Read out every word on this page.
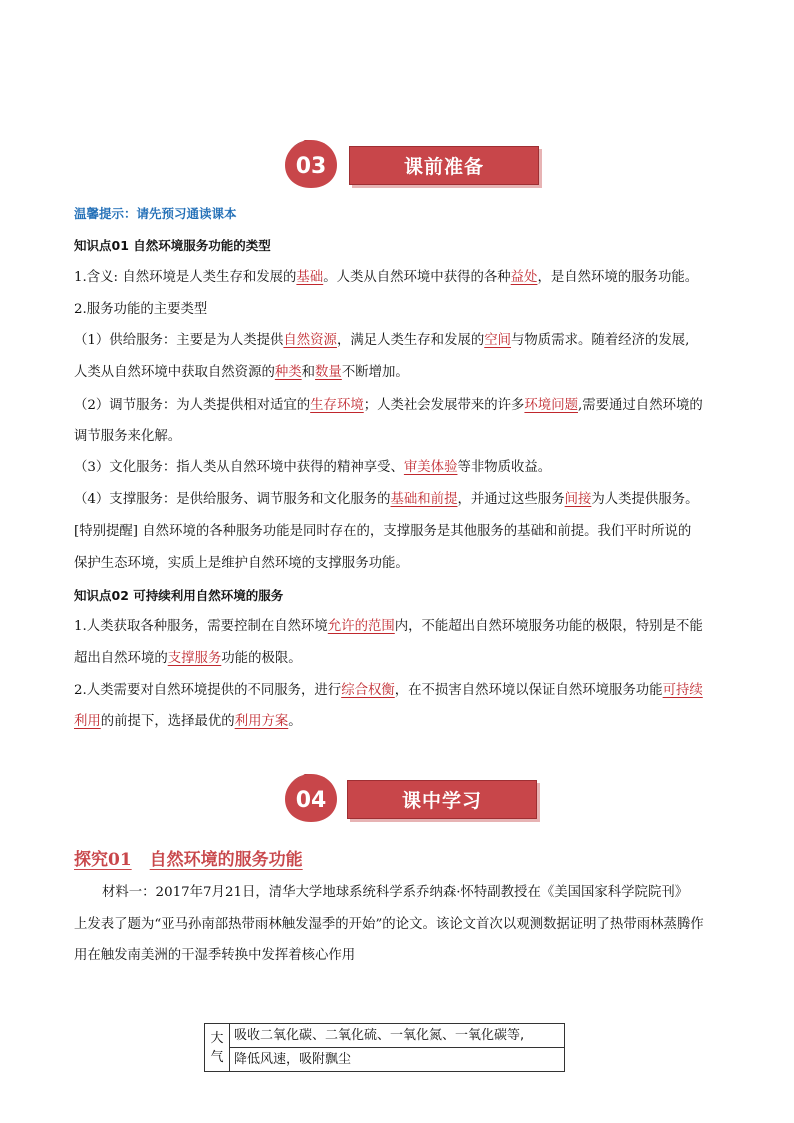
03	课前准备
温馨提示：请先预习通读课本
知识点01 自然环境服务功能的类型
1.含义: 自然环境是人类生存和发展的基础。人类从自然环境中获得的各种益处，是自然环境的服务功能。
2.服务功能的主要类型
（1）供给服务：主要是为人类提供自然资源，满足人类生存和发展的空间与物质需求。随着经济的发展,
人类从自然环境中获取自然资源的种类和数量不断增加。
（2）调节服务：为人类提供相对适宜的生存环境；人类社会发展带来的许多环境问题,需要通过自然环境的
调节服务来化解。
（3）文化服务：指人类从自然环境中获得的精神享受、审美体验等非物质收益。
（4）支撑服务：是供给服务、调节服务和文化服务的基础和前提，并通过这些服务间接为人类提供服务。
[特别提醒] 自然环境的各种服务功能是同时存在的，支撑服务是其他服务的基础和前提。我们平时所说的
保护生态环境，实质上是维护自然环境的支撑服务功能。
知识点02 可持续利用自然环境的服务
1.人类获取各种服务，需要控制在自然环境允许的范围内，不能超出自然环境服务功能的极限，特别是不能
超出自然环境的支撑服务功能的极限。
2.人类需要对自然环境提供的不同服务，进行综合权衡，在不损害自然环境以保证自然环境服务功能可持续
利用的前提下，选择最优的利用方案。
04	课中学习
探究01 自然环境的服务功能
材料一：2017年7月21日，清华大学地球系统科学系乔纳森·怀特副教授在《美国国家科学院院刊》
上发表了题为“亚马孙南部热带雨林触发湿季的开始”的论文。该论文首次以观测数据证明了热带雨林蒸腾作
用在触发南美洲的干湿季转换中发挥着核心作用
大气	吸收二氧化碳、二氧化硫、一氧化氮、一氧化碳等,
降低风速，吸附飘尘
